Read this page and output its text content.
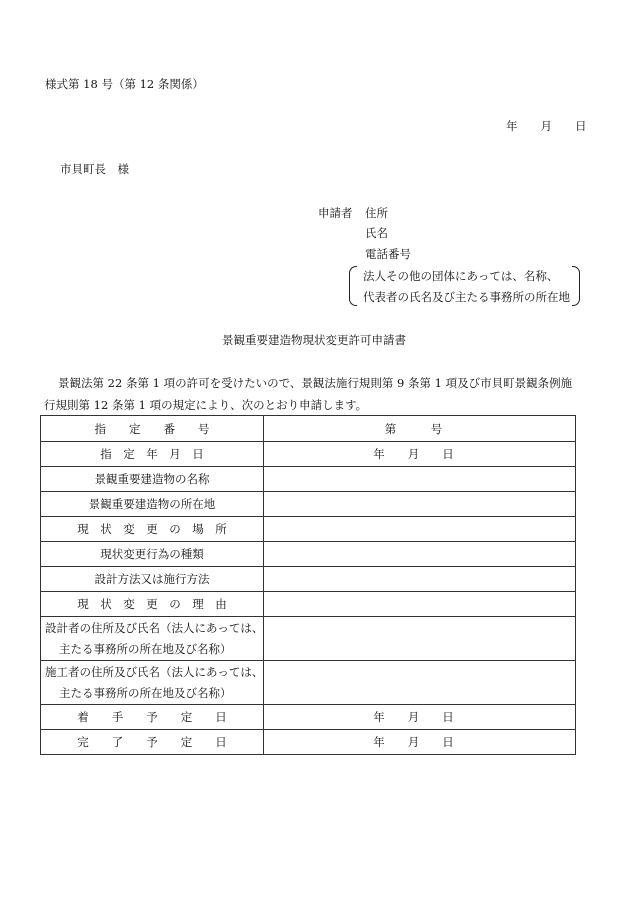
様式第 18 号（第 12 条関係）
年　　月　　日
市貝町長　様
申請者 住所
氏名
電話番号
法人その他の団体にあっては、名称、
代表者の氏名及び主たる事務所の所在地
景観重要建造物現状変更許可申請書
景観法第 22 条第 1 項の許可を受けたいので、景観法施行規則第 9 条第 1 項及び市貝町景観条例施
行規則第 12 条第 1 項の規定により、次のとおり申請します。
指　　定　　番　　号	第　　　号
指　定　年　月　日	年　　月　　日
景観重要建造物の名称	
景観重要建造物の所在地	
現　状　変　更　の　場　所	
現状変更行為の種類	
設計方法又は施行方法	
現　状　変　更　の　理　由	

設計者の住所及び氏名（法人にあっては、
主たる事務所の所在地及び名称）	

施工者の住所及び氏名（法人にあっては、
主たる事務所の所在地及び名称）	

着　　手　　予　　定　　日	年　　月　　日
完　　了　　予　　定　　日	年　　月　　日
